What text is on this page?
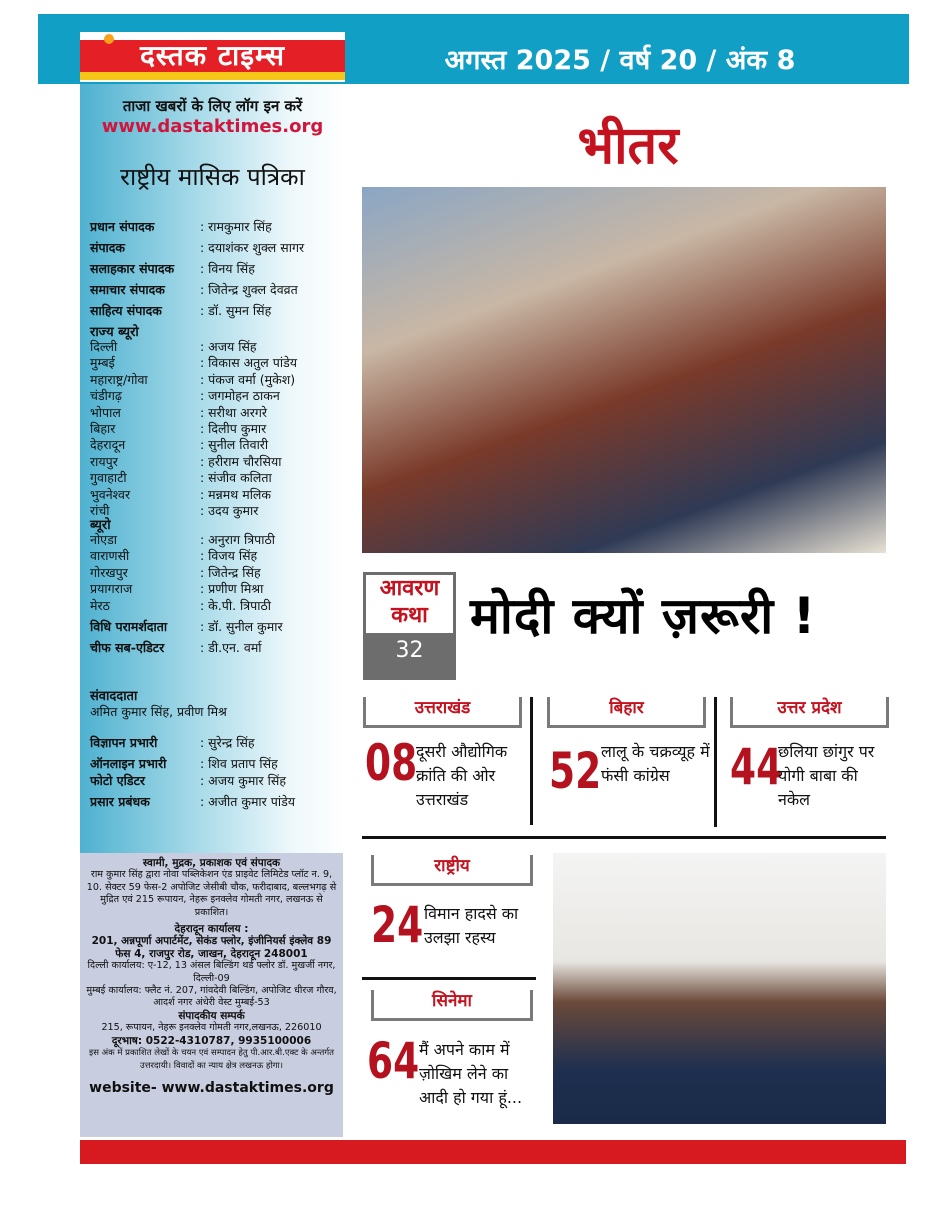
दस्तक टाइम्स	अगस्त 2025 / वर्ष 20 / अंक 8
ताजा खबरों के लिए लॉग इन करें
www.dastaktimes.org
राष्ट्रीय मासिक पत्रिका
प्रधान संपादक	: रामकुमार सिंह
संपादक	: दयाशंकर शुक्ल सागर
सलाहकार संपादक : विनय सिंह
समाचार संपादक	: जितेन्द्र शुक्ल देवव्रत
साहित्य संपादक	: डॉ. सुमन सिंह
राज्य ब्यूरो
दिल्ली	: अजय सिंह
मुम्बई	: विकास अतुल पांडेय
महाराष्ट्र/गोवा	: पंकज वर्मा (मुकेश)
चंडीगढ़	: जगमोहन ठाकन
भोपाल	: सरीथा अरगरे
बिहार	: दिलीप कुमार
देहरादून	: सुनील तिवारी
रायपुर	: हरीराम चौरसिया
गुवाहाटी	: संजीव कलिता
भुवनेश्वर	: मन्नमथ मलिक
रांची	: उदय कुमार
ब्यूरो
नोएडा	: अनुराग त्रिपाठी
वाराणसी	: विजय सिंह
गोरखपुर	: जितेन्द्र सिंह
प्रयागराज	: प्रणीण मिश्रा
मेरठ	: के.पी. त्रिपाठी
विधि परामर्शदाता	: डॉ. सुनील कुमार
चीफ सब-एडिटर	: डी.एन. वर्मा
संवाददाता
अमित कुमार सिंह, प्रवीण मिश्र
विज्ञापन प्रभारी	: सुरेन्द्र सिंह
ऑनलाइन प्रभारी	: शिव प्रताप सिंह
फोटो एडिटर	: अजय कुमार सिंह
प्रसार प्रबंधक	: अजीत कुमार पांडेय

स्वामी, मुद्रक, प्रकाशक एवं संपादक

राम कुमार सिंह द्वारा नोवा पब्लिकेशन एंड प्राइवेट लिमिटेड प्लॉट न. 9, 10. सेक्टर 59 फेस-2 अपोजिट जेसीबी चौक, फरीदाबाद, बल्लभगढ़ से मुद्रित एवं 215 रूपायन, नेहरू इनक्लेव गोमती नगर, लखनऊ से प्रकाशित।

देहरादून कार्यालय :

201, अन्नपूर्णा अपार्टमेंट, सेकंड फ्लोर, इंजीनियर्स इंक्लेव 89 फेस 4, राजपुर रोड, जाखन, देहरादून 248001

दिल्ली कार्यालय: ए-12, 13 अंसल बिल्डिंग थर्ड फ्लोर डॉ. मुखर्जी नगर, दिल्ली-09

मुम्बई कार्यालय: फ्लैट नं. 207, गांवदेवी बिल्डिंग, अपोजिट धीरज गौरव, आदर्श नगर अंधेरी वेस्ट मुम्बई-53

संपादकीय सम्पर्क

215, रूपायन, नेहरू इनक्लेव गोमती नगर,लखनऊ, 226010

दूरभाष: 0522-4310787, 9935100006

इस अंक में प्रकाशित लेखों के चयन एवं सम्पादन हेतु पी.आर.बी.एक्ट के अन्तर्गत उत्तरदायी। विवादों का न्याय क्षेत्र लखनऊ होगा।

website- www.dastaktimes.org

भीतर
आवरण कथा
32
मोदी क्यों ज़रूरी !
उत्तराखंड
08
दूसरी औद्योगिक क्रांति की ओर उत्तराखंड
बिहार
52 लालू के चक्रव्यूह में फंसी कांग्रेस
उत्तर प्रदेश
44
छलिया छांगुर पर योगी बाबा की नकेल
राष्ट्रीय
24 विमान हादसे का उलझा रहस्य
सिनेमा
64 मैं अपने काम में ज़ोखिम लेने का आदी हो गया हूं...
